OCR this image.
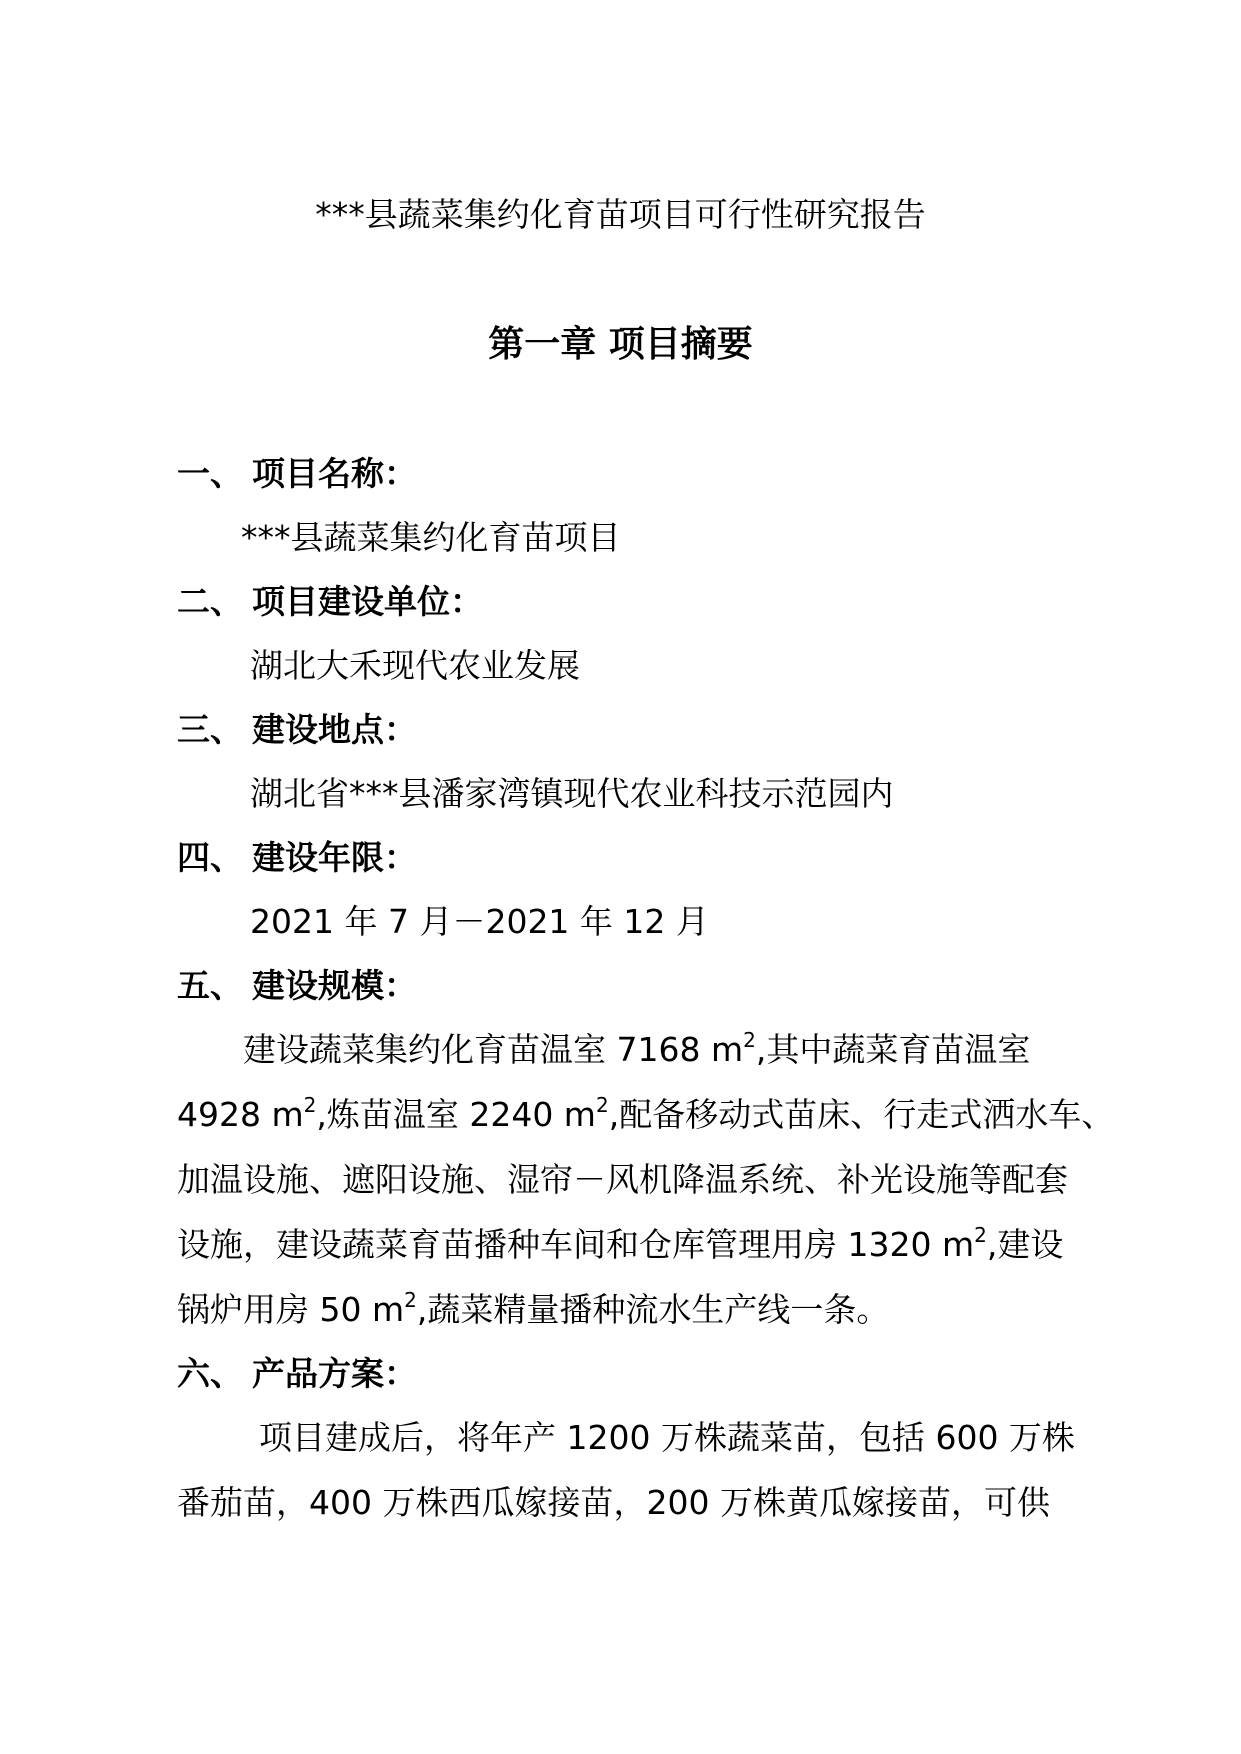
***县蔬菜集约化育苗项目可行性研究报告
第一章 项目摘要
一、 项目名称：
***县蔬菜集约化育苗项目
二、 项目建设单位：
湖北大禾现代农业发展
三、 建设地点：
湖北省***县潘家湾镇现代农业科技示范园内
四、 建设年限：
2021 年 7 月－2021 年 12 月
五、 建设规模：
建设蔬菜集约化育苗温室 7168 $m^2$,其中蔬菜育苗温室
4928 $m^2$,炼苗温室 2240 $m^2$,配备移动式苗床、行走式洒水车、
加温设施、遮阳设施、湿帘－风机降温系统、补光设施等配套
设施，建设蔬菜育苗播种车间和仓库管理用房 1320 $m^2$,建设
锅炉用房 50 $m^2$,蔬菜精量播种流水生产线一条。
六、 产品方案：
项目建成后，将年产 1200 万株蔬菜苗，包括 600 万株
番茄苗，400 万株西瓜嫁接苗，200 万株黄瓜嫁接苗，可供
